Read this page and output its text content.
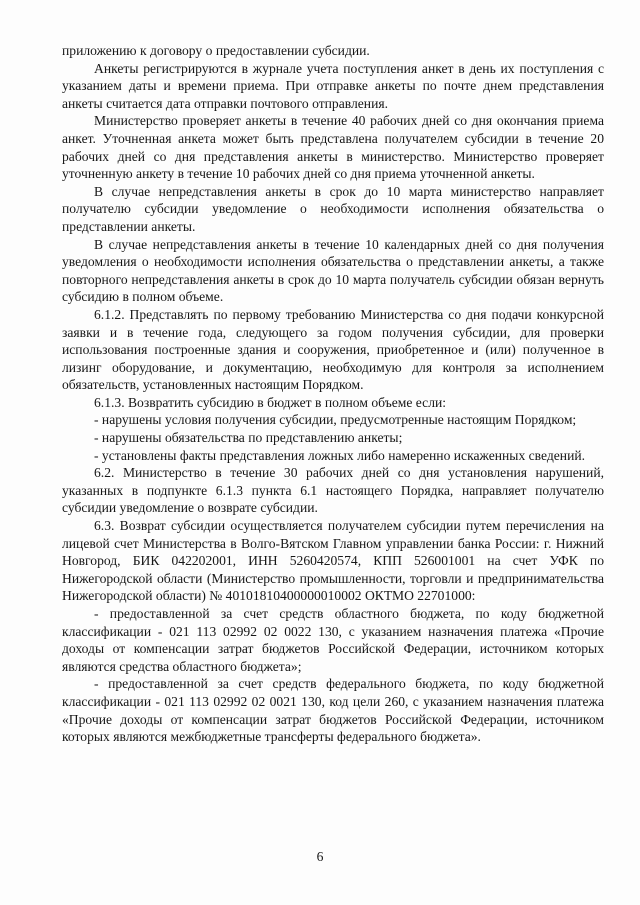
приложению к договору о предоставлении субсидии.

Анкеты регистрируются в журнале учета поступления анкет в день их поступления с указанием даты и времени приема. При отправке анкеты по почте днем представления анкеты считается дата отправки почтового отправления.

Министерство проверяет анкеты в течение 40 рабочих дней со дня окончания приема анкет. Уточненная анкета может быть представлена получателем субсидии в течение 20 рабочих дней со дня представления анкеты в министерство. Министерство проверяет уточненную анкету в течение 10 рабочих дней со дня приема уточненной анкеты.

В случае непредставления анкеты в срок до 10 марта министерство направляет получателю субсидии уведомление о необходимости исполнения обязательства о представлении анкеты.

В случае непредставления анкеты в течение 10 календарных дней со дня получения уведомления о необходимости исполнения обязательства о представлении анкеты, а также повторного непредставления анкеты в срок до 10 марта получатель субсидии обязан вернуть субсидию в полном объеме.

6.1.2. Представлять по первому требованию Министерства со дня подачи конкурсной заявки и в течение года, следующего за годом получения субсидии, для проверки использования построенные здания и сооружения, приобретенное и (или) полученное в лизинг оборудование, и документацию, необходимую для контроля за исполнением обязательств, установленных настоящим Порядком.

6.1.3. Возвратить субсидию в бюджет в полном объеме если:

- нарушены условия получения субсидии, предусмотренные настоящим Порядком;

- нарушены обязательства по представлению анкеты;

- установлены факты представления ложных либо намеренно искаженных сведений.

6.2. Министерство в течение 30 рабочих дней со дня установления нарушений, указанных в подпункте 6.1.3 пункта 6.1 настоящего Порядка, направляет получателю субсидии уведомление о возврате субсидии.

6.3. Возврат субсидии осуществляется получателем субсидии путем перечисления на лицевой счет Министерства в Волго-Вятском Главном управлении банка России: г. Нижний Новгород, БИК 042202001, ИНН 5260420574, КПП 526001001 на счет УФК по Нижегородской области (Министерство промышленности, торговли и предпринимательства Нижегородской области) № 40101810400000010002 ОКТМО 22701000:

- предоставленной за счет средств областного бюджета, по коду бюджетной классификации - 021 113 02992 02 0022 130, с указанием назначения платежа «Прочие доходы от компенсации затрат бюджетов Российской Федерации, источником которых являются средства областного бюджета»;

- предоставленной за счет средств федерального бюджета, по коду бюджетной классификации - 021 113 02992 02 0021 130, код цели 260, с указанием назначения платежа «Прочие доходы от компенсации затрат бюджетов Российской Федерации, источником которых являются межбюджетные трансферты федерального бюджета».

6
